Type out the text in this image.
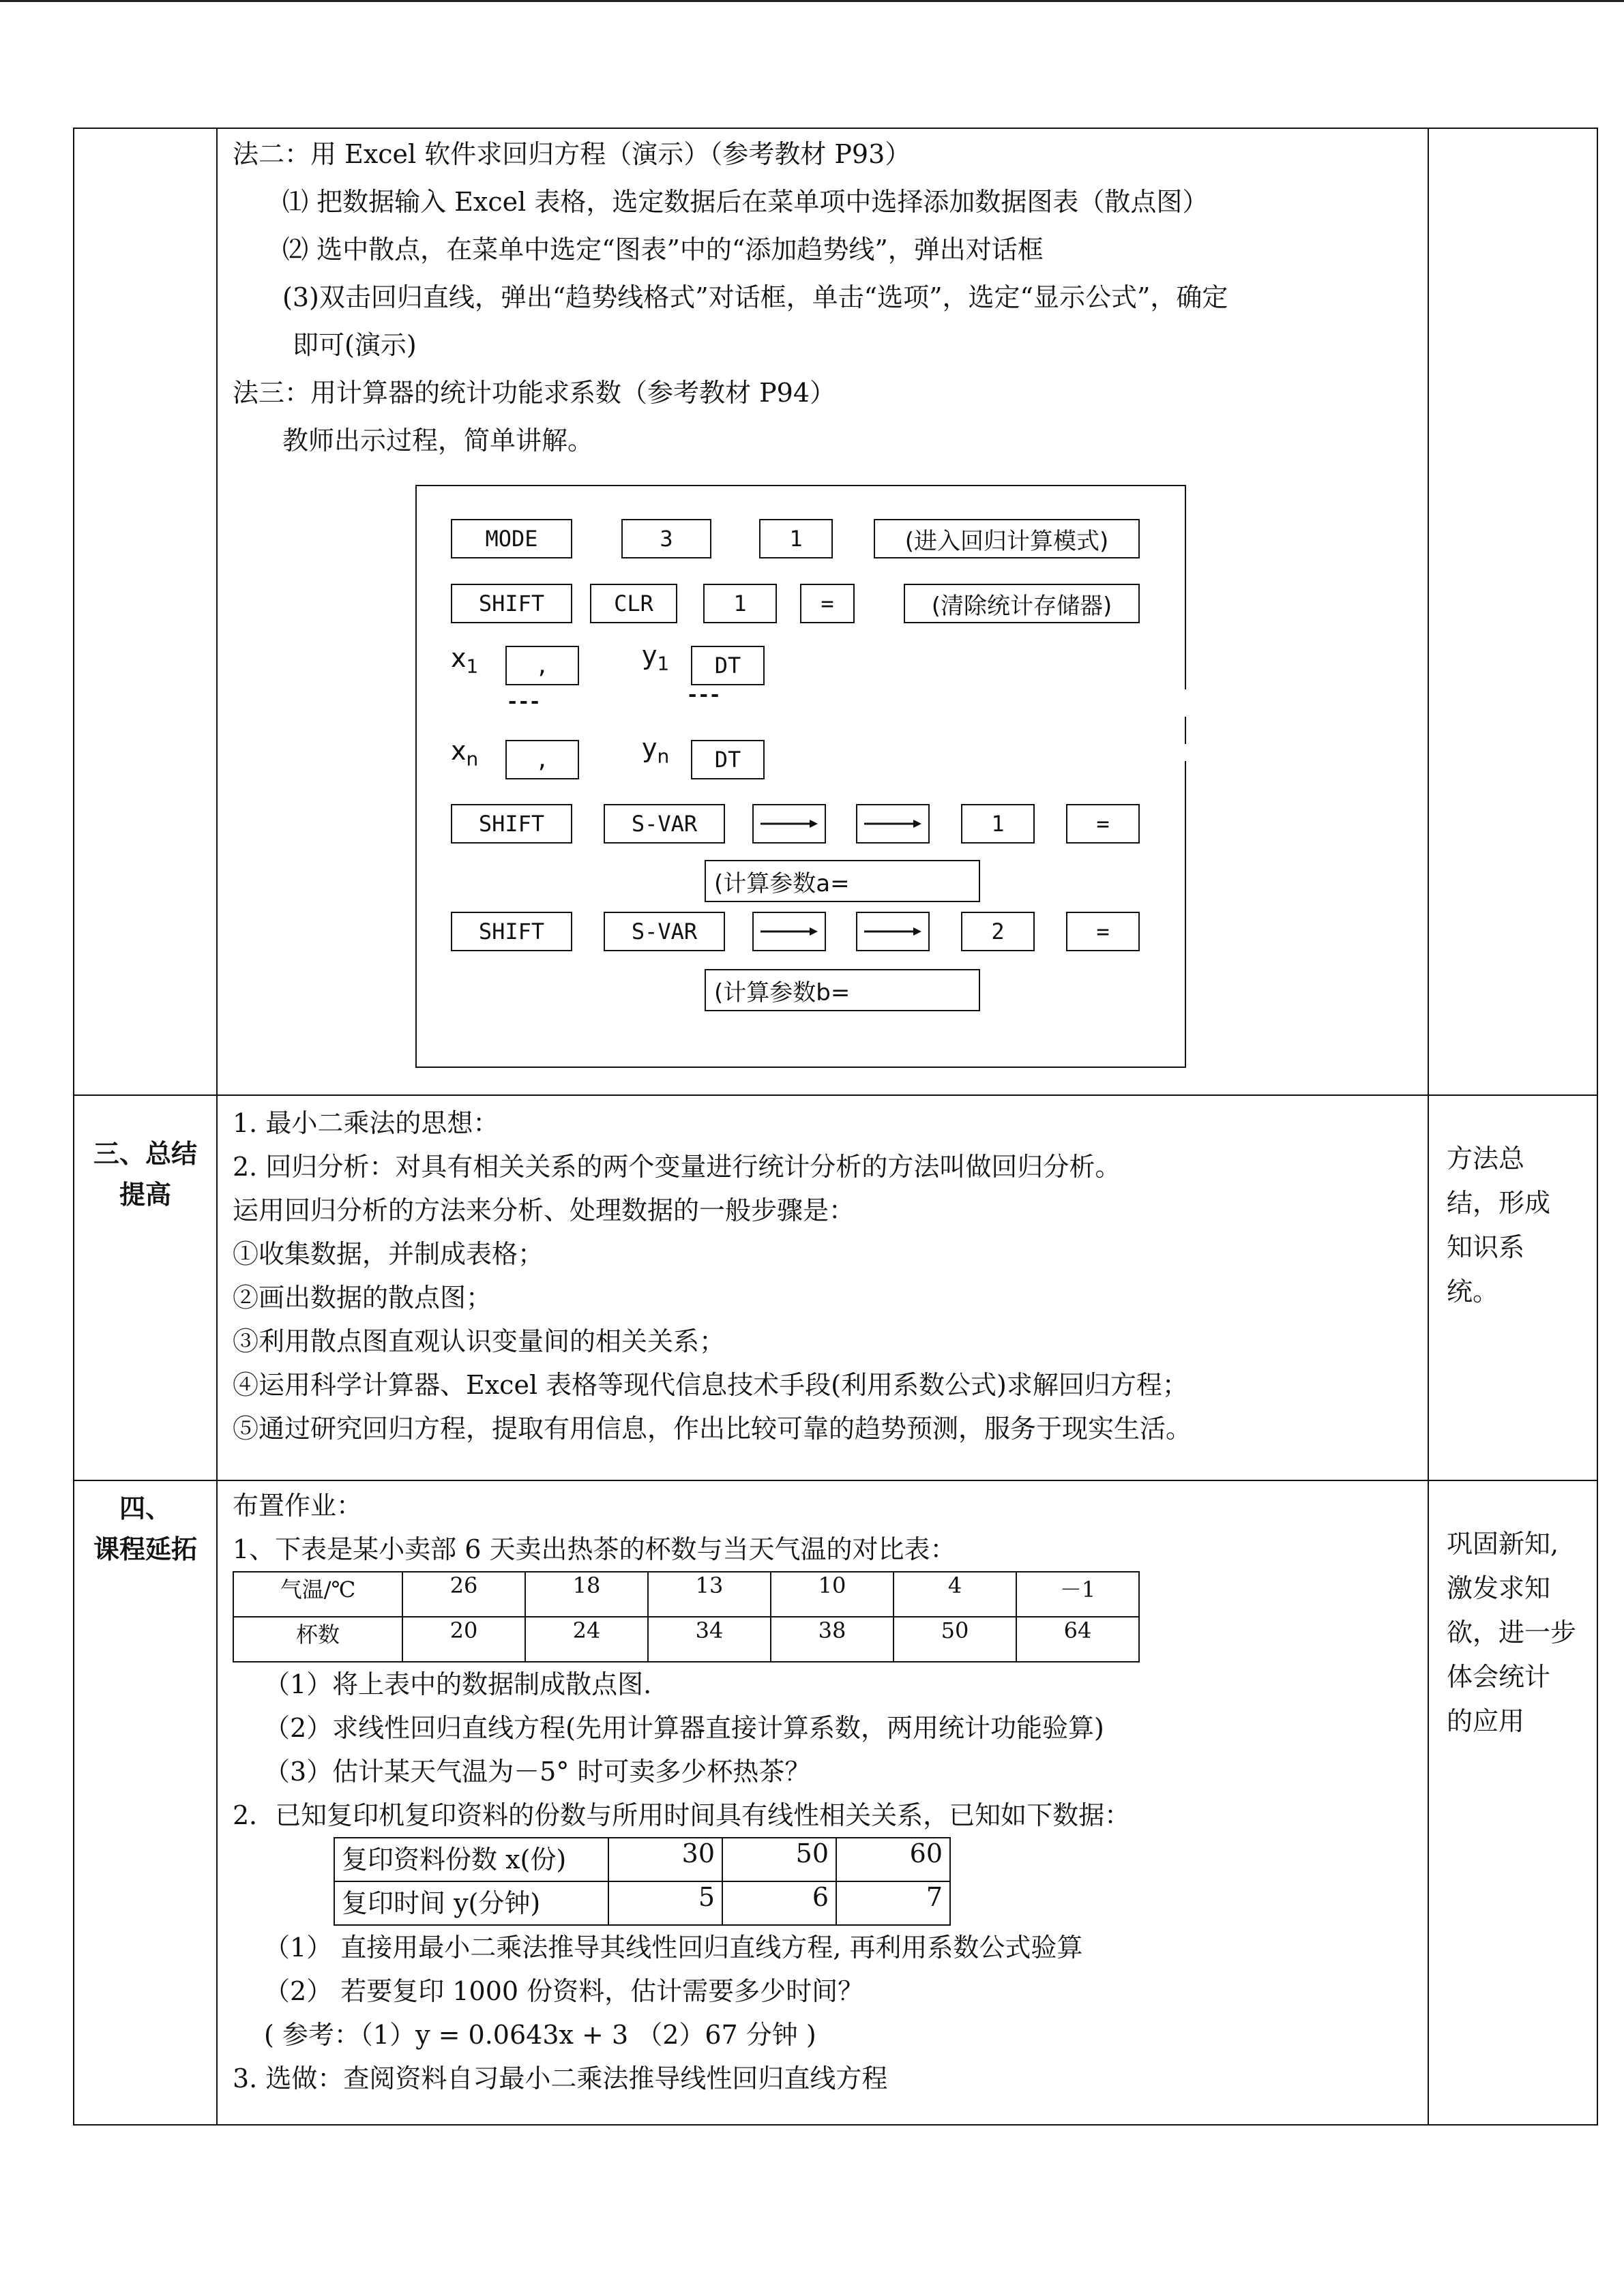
法二：用 Excel 软件求回归方程（演示）（参考教材 P93）
⑴ 把数据输入 Excel 表格，选定数据后在菜单项中选择添加数据图表（散点图）
⑵ 选中散点，在菜单中选定“图表”中的“添加趋势线”，弹出对话框
(3)双击回归直线，弹出“趋势线格式”对话框，单击“选项”，选定“显示公式”，确定
即可(演示)
法三：用计算器的统计功能求系数（参考教材 P94）
教师出示过程，简单讲解。
MODE	3	1	(进入回归计算模式)
SHIFT	CLR	1	=	(清除统计存储器)
$x_1$	,	$y_1$	DT
---	---
$x_n$	,	$y_n$	DT
SHIFT	S-VAR	1	=
(计算参数a=
SHIFT	S-VAR	2	=
(计算参数b=

三、总结
提高

1. 最小二乘法的思想：
2. 回归分析：对具有相关关系的两个变量进行统计分析的方法叫做回归分析。
运用回归分析的方法来分析、处理数据的一般步骤是：
①收集数据，并制成表格；
②画出数据的散点图；
③利用散点图直观认识变量间的相关关系；
④运用科学计算器、Excel 表格等现代信息技术手段(利用系数公式)求解回归方程；
⑤通过研究回归方程，提取有用信息，作出比较可靠的趋势预测，服务于现实生活。

方法总
结，形成
知识系
统。

四、
课程延拓

布置作业：
1、下表是某小卖部 6 天卖出热茶的杯数与当天气温的对比表：
气温/℃	26	18	13	10	4	－1
杯数	20	24	34	38	50	64
（1）将上表中的数据制成散点图.
（2）求线性回归直线方程(先用计算器直接计算系数，两用统计功能验算)
（3）估计某天气温为－5° 时可卖多少杯热茶？
2．已知复印机复印资料的份数与所用时间具有线性相关关系，已知如下数据：
复印资料份数 x(份)	30	50	60
复印时间 y(分钟)	5	6	7
（1） 直接用最小二乘法推导其线性回归直线方程, 再利用系数公式验算
（2） 若要复印 1000 份资料，估计需要多少时间？
( 参考：（1）y = 0.0643x + 3 （2）67 分钟 )
3. 选做：查阅资料自习最小二乘法推导线性回归直线方程

巩固新知,
激发求知
欲，进一步
体会统计
的应用
